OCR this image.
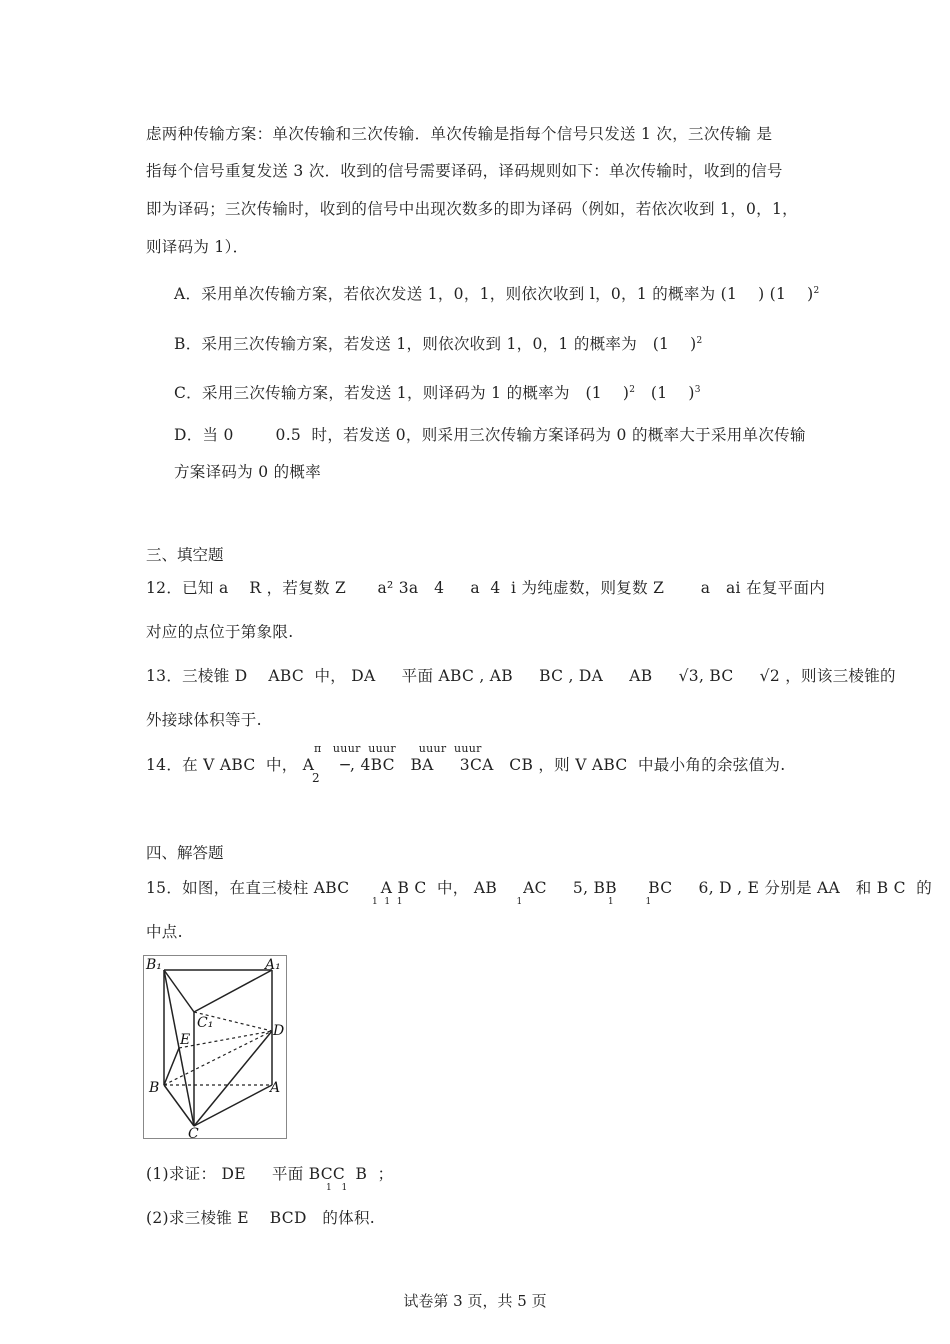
虑两种传输方案：单次传输和三次传输．单次传输是指每个信号只发送 1 次，三次传输 是
指每个信号重复发送 3 次．收到的信号需要译码，译码规则如下：单次传输时，收到的信号
即为译码；三次传输时，收到的信号中出现次数多的即为译码（例如，若依次收到 1，0，1，
则译码为 1）．
A．采用单次传输方案，若依次发送 1，0，1，则依次收到 l，0，1 的概率为 (1    ) (1    )$^2$
B．采用三次传输方案，若发送 1，则依次收到 1，0，1 的概率为   (1    )$^2$
C．采用三次传输方案，若发送 1，则译码为 1 的概率为   (1    )$^2$   (1    )$^3$
D．当 0        0.5  时，若发送 0，则采用三次传输方案译码为 0 的概率大于采用单次传输
方案译码为 0 的概率
三、填空题
12．已知 a    R ，若复数 Z      a² 3a   4     a  4  i 为纯虚数，则复数 Z       a   ai 在复平面内
对应的点位于第象限.
13．三棱锥 D    ABC  中， DA     平面 ABC , AB     BC , DA     AB     √3, BC     √2 ，则该三棱锥的
外接球体积等于.
π   uuur  uuur      uuur  uuur
14．在 V ABC  中， A     ─, 4BC   BA     3CA   CB ，则 V ABC  中最小角的余弦值为.
2
四、解答题
15．如图，在直三棱柱 ABC      A B C  中， AB     AC     5, BB      BC     6, D , E 分别是 AA   和 B C  的
1  1  1                                    1                           1          1
中点.
B₁	A₁
C₁
E
D
B	A
C
(1)求证： DE     平面 BCC  B  ；
1   1
(2)求三棱锥 E    BCD   的体积.
试卷第 3 页，共 5 页
